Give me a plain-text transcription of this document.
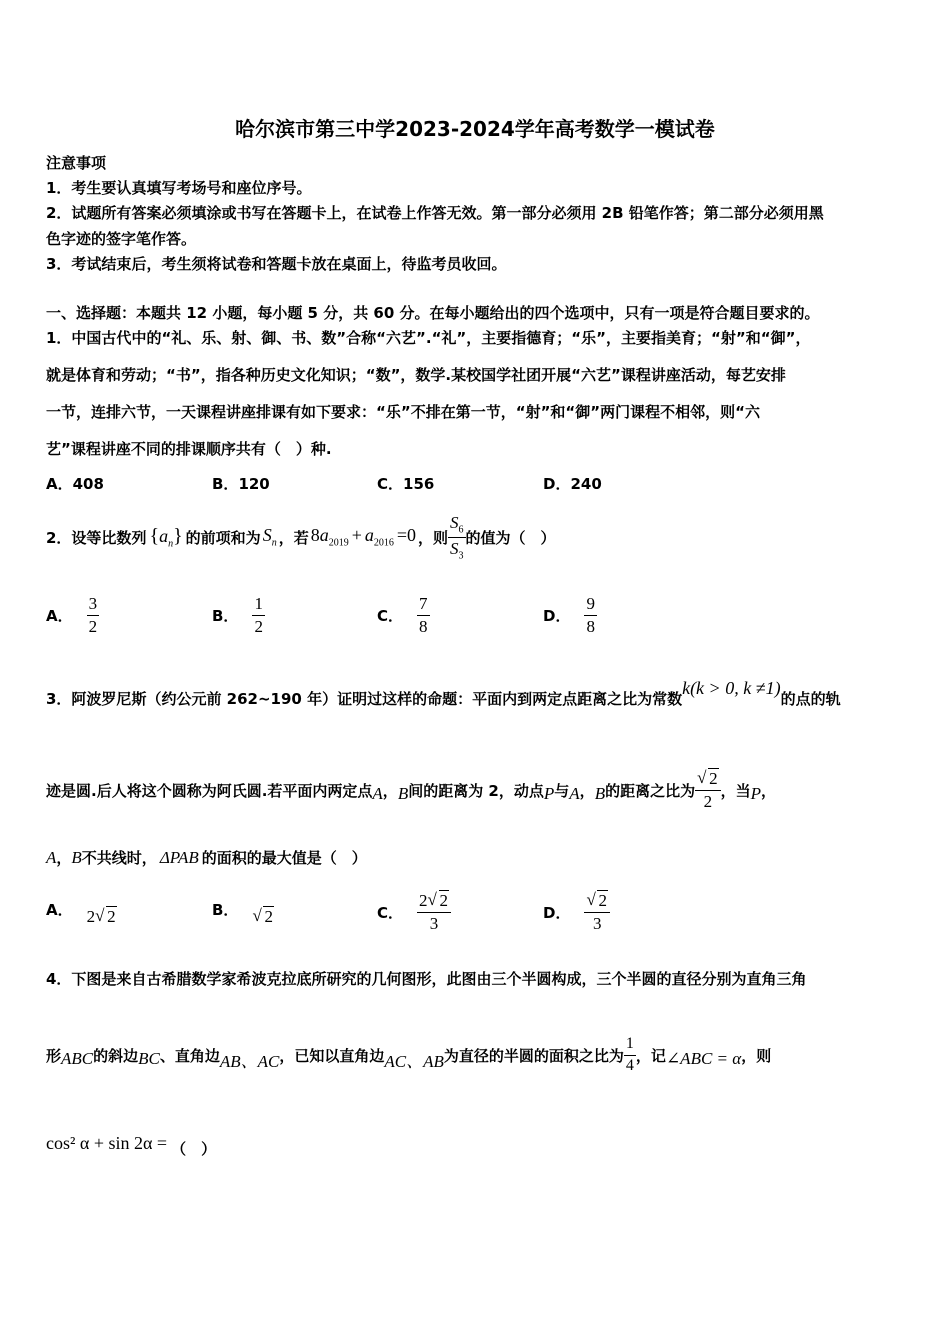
哈尔滨市第三中学2023-2024学年高考数学一模试卷
注意事项
1．考生要认真填写考场号和座位序号。
2．试题所有答案必须填涂或书写在答题卡上，在试卷上作答无效。第一部分必须用 2B 铅笔作答；第二部分必须用黑
色字迹的签字笔作答。
3．考试结束后，考生须将试卷和答题卡放在桌面上，待监考员收回。
一、选择题：本题共 12 小题，每小题 5 分，共 60 分。在每小题给出的四个选项中，只有一项是符合题目要求的。
1．中国古代中的“礼、乐、射、御、书、数”合称“六艺”.“礼”，主要指德育；“乐”，主要指美育；“射”和“御”，
就是体育和劳动；“书”，指各种历史文化知识；“数”，数学.某校国学社团开展“六艺”课程讲座活动，每艺安排
一节，连排六节，一天课程讲座排课有如下要求：“乐”不排在第一节，“射”和“御”两门课程不相邻，则“六
艺”课程讲座不同的排课顺序共有（　）种.
A．408	B．120	C．156	D．240
2．设等比数列 $\{a_n\}$ 的前项和为 $S_n$ ，若 $8a_{2019} + a_{2016} =0$ ，则 $\frac{S_6}{S_3}$ 的值为（　）
A． $\frac{3}{2}$	B． $\frac{1}{2}$	C． $\frac{7}{8}$	D． $\frac{9}{8}$
3．阿波罗尼斯（约公元前 262~190 年）证明过这样的命题：平面内到两定点距离之比为常数
k(k > 0, k ≠1)
的点的轨
迹是圆.后人将这个圆称为阿氏圆.若平面内两定点 A ， B 间的距离为 2，动点 P 与 A ， B 的距离之比为 √ $\frac{2}{2}$ ，当 P ，
A ， B 不共线时， ΔPAB 的面积的最大值是（　）
A． 2 √ 2	B．	√ 2	C． $\frac{2 √ 2}{3}$	D． √ $\frac{2}{3}$
4．下图是来自古希腊数学家希波克拉底所研究的几何图形，此图由三个半圆构成，三个半圆的直径分别为直角三角
形 ABC 的斜边 BC 、直角边 AB、AC ，已知以直角边 AC、AB 为直径的半圆的面积之比为 $\frac{1}{4}$ ，记 ∠ABC = α ，则
cos² α + sin 2α = （　）
